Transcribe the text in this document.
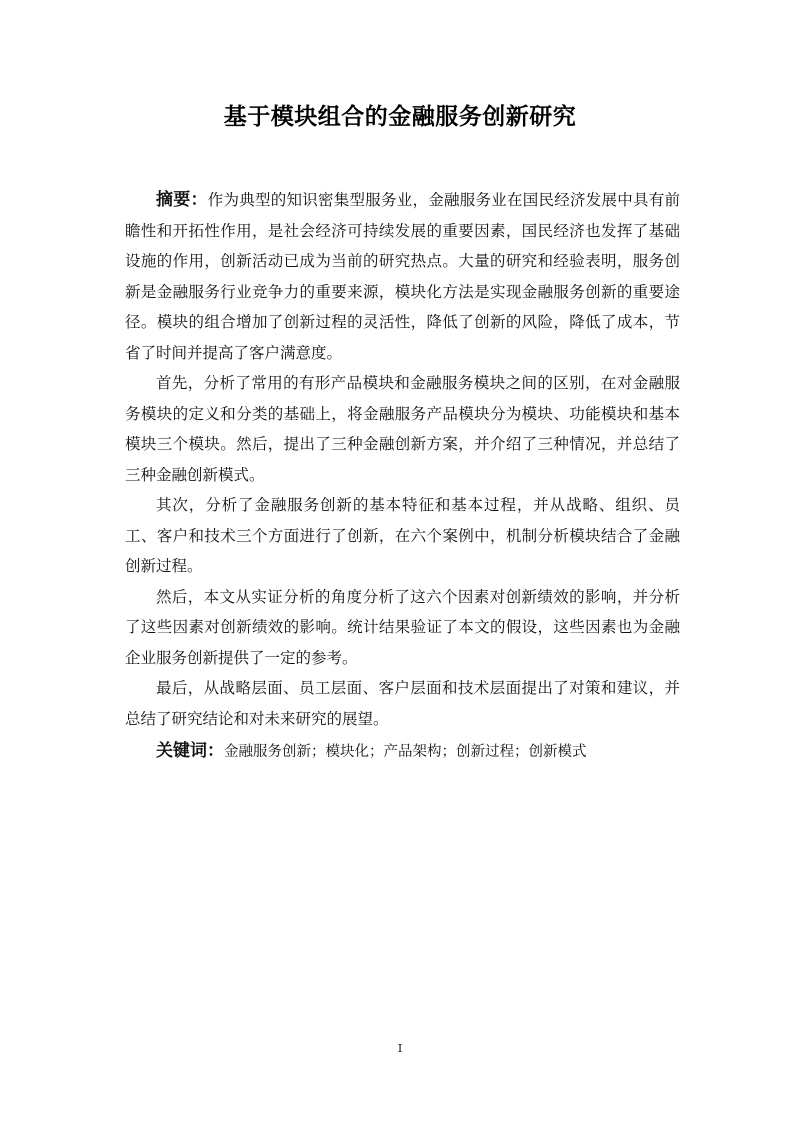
基于模块组合的金融服务创新研究

摘要：作为典型的知识密集型服务业，金融服务业在国民经济发展中具有前瞻性和开拓性作用，是社会经济可持续发展的重要因素，国民经济也发挥了基础设施的作用，创新活动已成为当前的研究热点。大量的研究和经验表明，服务创新是金融服务行业竞争力的重要来源，模块化方法是实现金融服务创新的重要途径。模块的组合增加了创新过程的灵活性，降低了创新的风险，降低了成本，节省了时间并提高了客户满意度。

首先，分析了常用的有形产品模块和金融服务模块之间的区别，在对金融服务模块的定义和分类的基础上，将金融服务产品模块分为模块、功能模块和基本模块三个模块。然后，提出了三种金融创新方案，并介绍了三种情况，并总结了三种金融创新模式。

其次，分析了金融服务创新的基本特征和基本过程，并从战略、组织、员工、客户和技术三个方面进行了创新，在六个案例中，机制分析模块结合了金融创新过程。

然后，本文从实证分析的角度分析了这六个因素对创新绩效的影响，并分析了这些因素对创新绩效的影响。统计结果验证了本文的假设，这些因素也为金融企业服务创新提供了一定的参考。

最后，从战略层面、员工层面、客户层面和技术层面提出了对策和建议，并总结了研究结论和对未来研究的展望。

关键词：金融服务创新；模块化；产品架构；创新过程；创新模式

I
